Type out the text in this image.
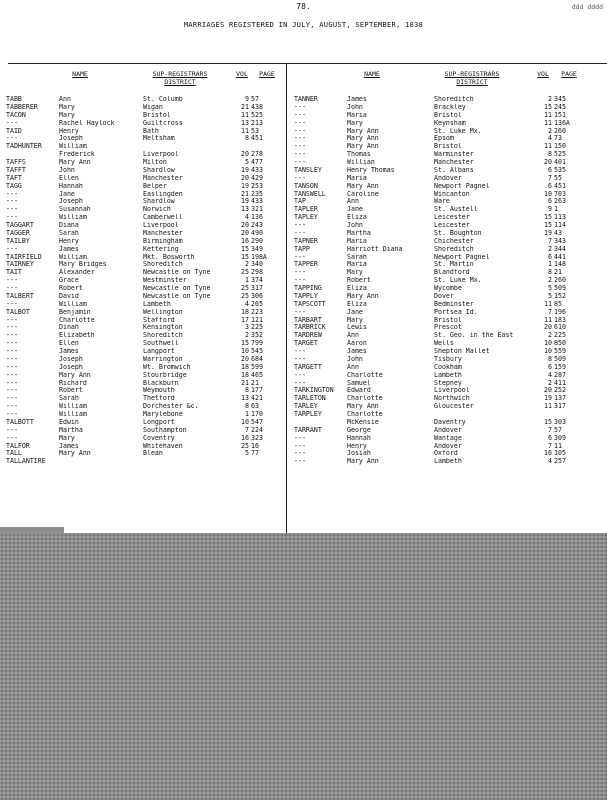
78.	ddd dddd
MARRIAGES REGISTERED IN JULY, AUGUST, SEPTEMBER, 1838
NAME	SUP-REGISTRARS DISTRICT
VOL	PAGE	NAME	SUP-REGISTRARS DISTRICT
VOL	PAGE
TABB	Ann	St. Columb	9 57
TABBERER	Mary	Wigan	21 438
TACON	Mary	Bristol	11 525
---	Rachel Haylock	Guiltcross	13 213
TAID	Henry	Bath	11 53
---	Joseph	Meltsham	8 451
TADHUNTER	William
Frederick	Liverpool	20 278
TAFFS	Mary Ann	Milton	5 477
TAFFT	John	Shardlow	19 433
TAFT	Ellen	Manchester	20 429
TAGG	Hannah	Belper	19 253
---	Jane	Easlingden	21 235
---	Joseph	Shardlow	19 433
---	Susannah	Norwich	13 321
---	William	Camberwell	4 136
TAGGART	Diana	Liverpool	20 243
TAGGER	Sarah	Manchester	20 490
TAILBY	Henry	Birmingham	16 290
---	James	Kettering	15 349
TAIRFIELD	William	Mkt. Bosworth	15 198A
TAIRNEY	Mary Bridges	Shoreditch	2 340
TAIT	Alexander	Newcastle on Tyne	25 298
---	Grace	Westminster	1 374
---	Robert	Newcastle on Tyne	25 317
TALBERT	David	Newcastle on Tyne	25 306
---	William	Lambeth	4 265
TALBOT	Benjamin	Wellington	18 223
---	Charlotte	Stafford	17 121
---	Dinah	Kensington	3 225
---	Elizabeth	Shoreditch	2 352
---	Ellen	Southwell	15 799
---	James	Langport	10 545
---	Joseph	Warrington	20 684
---	Joseph	Wt. Bromwich	18 599
---	Mary Ann	Stourbridge	18 465
---	Richard	Blackburn	21 21
---	Robert	Weymouth	8 177
---	Sarah	Thetford	13 421
---	William	Dorchester &c.	8 63
---	William	Marylebone	1 170
TALBOTT	Edwin	Longport	10 547
---	Martha	Southampton	7 224
---	Mary	Coventry	16 323
TALFOR	James	Whitehaven	25 16
TALL	Mary Ann	Blean	5 77
TALLANTIRE
TANNER	James	Shoreditch	2 345
---	John	Brackley	15 245
---	Maria	Bristol	11 151
---	Mary	Keynsham	11 136A
---	Mary Ann	St. Luke Mx.	2 260
---	Mary Ann	Epsom	4 73
---	Mary Ann	Bristol	11 150
---	Thomas	Warminster	8 525
---	Willian	Manchester	20 401
TANSLEY	Henry Thomas	St. Albans	6 535
---	Maria	Andover	7 55
TANSON	Mary Ann	Newport Pagnel	6 451
TANSWELL	Caroline	Wincanton	10 703
TAP	Ann	Ware	6 263
TAPLER	Jane	St. Austell	9 1
TAPLEY	Eliza	Leicester	15 113
---	John	Leicester	15 114
---	Martha	St. Boughton	19 43
TAPNER	Maria	Chichester	7 343
TAPP	Harriott Diana	Shoreditch	2 344
---	Sarah	Newport Pagnel	6 441
TAPPER	Maria	St. Martin	1 148
---	Mary	Blandford	8 21
---	Robert	St. Luke Mx.	2 260
TAPPING	Eliza	Wycombe	5 509
TAPPLY	Mary Ann	Dover	5 152
TAPSCOTT	Eliza	Bedminster	11 85
---	Jane	Portsea Id.	7 196
TARBART	Mary	Bristol	11 183
TARBRICK	Lewis	Prescot	20 610
TARDREW	Ann	St. Geo. in the East	2 225
TARGET	Aaron	Wells	10 850
---	James	Shepton Mallet	10 559
---	John	Tisbury	8 509
TARGETT	Ann	Cookham	6 159
---	Charlotte	Lambeth	4 287
---	Samuel	Stepney	2 411
TARKINGTON	Edward	Liverpool	20 252
TARLETON	Charlotte	Northwich	19 137
TARLEY	Mary Ann	Gloucester	11 317
TARPLEY	Charlotte
McKensie	Daventry	15 303
TARRANT	George	Andover	7 57
---	Hannah	Wantage	6 309
---	Henry	Andover	7 11
---	Josiah	Oxford	16 105
---	Mary Ann	Lambeth	4 257
